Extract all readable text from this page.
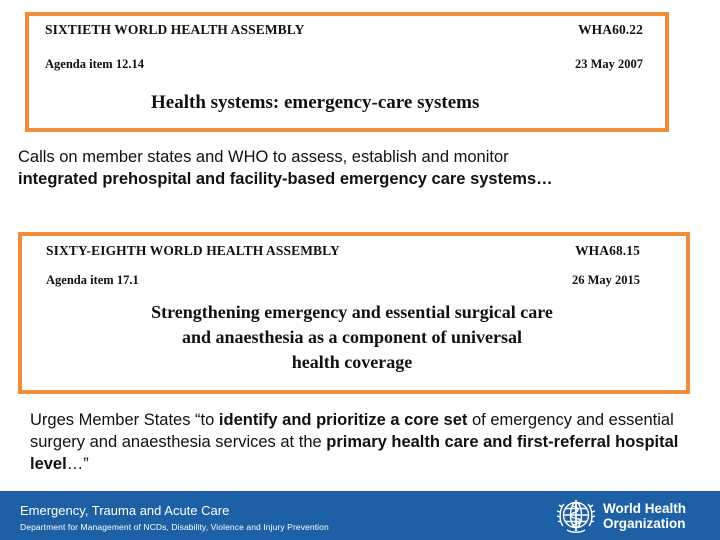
SIXTIETH WORLD HEALTH ASSEMBLY	WHA60.22
Agenda item 12.14	23 May 2007
Health systems: emergency-care systems
Calls on member states and WHO to assess, establish and monitor
integrated prehospital and facility-based emergency care systems…
SIXTY-EIGHTH WORLD HEALTH ASSEMBLY	WHA68.15
Agenda item 17.1	26 May 2015
Strengthening emergency and essential surgical care
and anaesthesia as a component of universal
health coverage
Urges Member States “to identify and prioritize a core set of emergency and essential surgery and anaesthesia services at the primary health care and first-referral hospital level…”
Emergency, Trauma and Acute Care
Department for Management of NCDs, Disability, Violence and Injury Prevention
World Health
Organization
